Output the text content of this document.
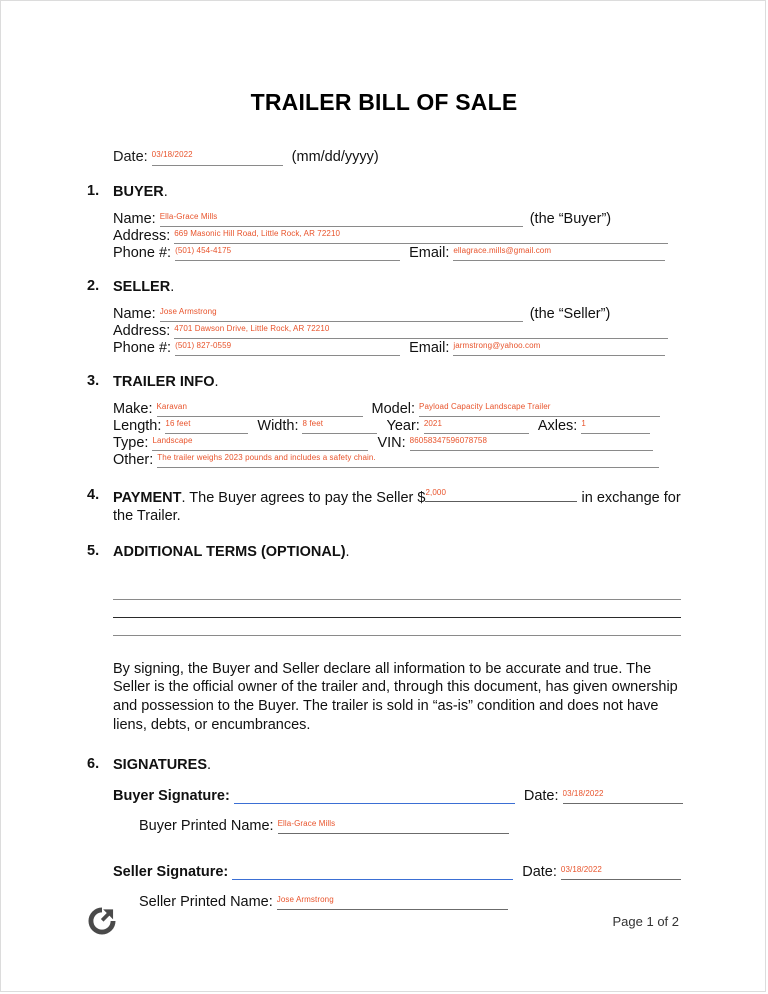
TRAILER BILL OF SALE
Date: 03/18/2022	(mm/dd/yyyy)
1. BUYER.
Name: Ella-Grace Mills	(the “Buyer”)
Address: 669 Masonic Hill Road, Little Rock, AR 72210
Phone #: (501) 454-4175	Email: ellagrace.mills@gmail.com
2. SELLER.
Name: Jose Armstrong	(the “Seller”)
Address: 4701 Dawson Drive, Little Rock, AR 72210
Phone #: (501) 827-0559	Email: jarmstrong@yahoo.com
3. TRAILER INFO.
Make: Karavan	Model: Payload Capacity Landscape Trailer
Length: 16 feet	Width: 8 feet	Year: 2021	Axles: 1
Type: Landscape	VIN: 86058347596078758
Other: The trailer weighs 2023 pounds and includes a safety chain.
4. PAYMENT. The Buyer agrees to pay the Seller $2,000	in exchange for the Trailer.
5. ADDITIONAL TERMS (OPTIONAL).
By signing, the Buyer and Seller declare all information to be accurate and true. The Seller is the official owner of the trailer and, through this document, has given ownership and possession to the Buyer. The trailer is sold in “as-is” condition and does not have liens, debts, or encumbrances.
6. SIGNATURES.
Buyer Signature:	Date: 03/18/2022
Buyer Printed Name: Ella-Grace Mills
Seller Signature:	Date: 03/18/2022
Seller Printed Name: Jose Armstrong
Page 1 of 2
